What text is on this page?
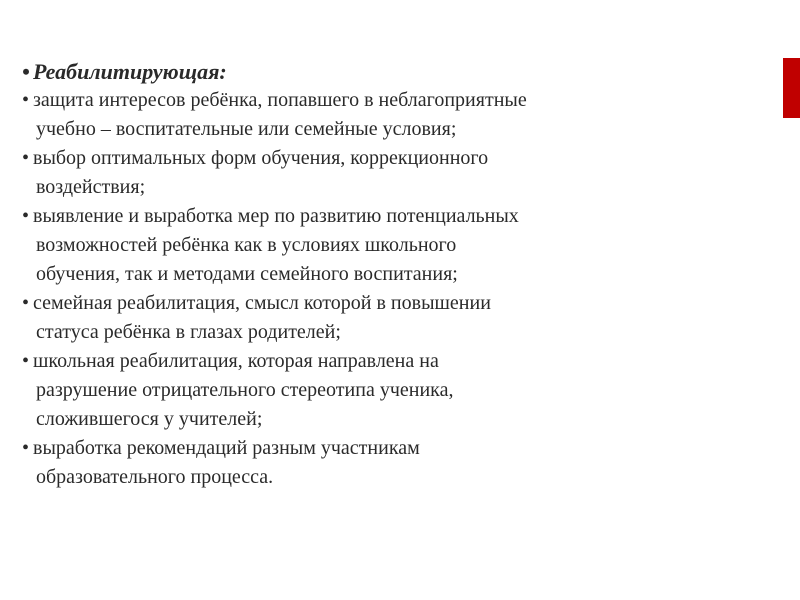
• Реабилитирующая:
• защита интересов ребёнка, попавшего в неблагоприятные
учебно – воспитательные или семейные условия;
• выбор оптимальных форм обучения, коррекционного
воздействия;
• выявление и выработка мер по развитию потенциальных
возможностей ребёнка как в условиях школьного
обучения, так и методами семейного воспитания;
• семейная реабилитация, смысл которой в повышении
статуса ребёнка в глазах родителей;
• школьная реабилитация, которая направлена на
разрушение отрицательного стереотипа ученика,
сложившегося у учителей;
• выработка рекомендаций разным участникам
образовательного процесса.
